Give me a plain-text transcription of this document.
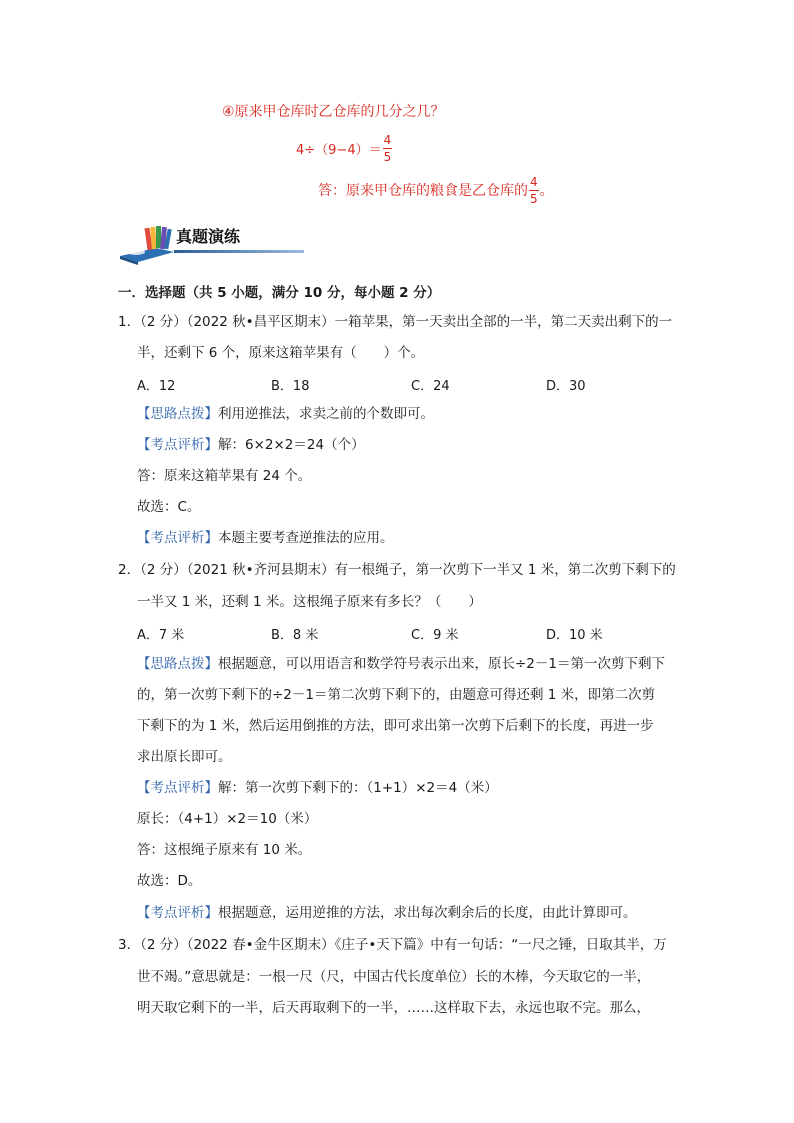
④原来甲仓库时乙仓库的几分之几？
$4\div(9-4)= \frac{4}{5}$
答：原来甲仓库的粮食是乙仓库的 $\frac{4}{5}$ 。
真题演练
一．选择题（共 5 小题，满分 10 分，每小题 2 分）
1．（2 分）（2022 秋•昌平区期末）一箱苹果，第一天卖出全部的一半，第二天卖出剩下的一
半，还剩下 6 个，原来这箱苹果有（　　）个。
A．12	B．18	C．24	D．30
【思路点拨】利用逆推法，求卖之前的个数即可。
【考点评析】解：6×2×2＝24（个）
答：原来这箱苹果有 24 个。
故选：C。
【考点评析】本题主要考查逆推法的应用。
2．（2 分）（2021 秋•齐河县期末）有一根绳子，第一次剪下一半又 1 米，第二次剪下剩下的
一半又 1 米，还剩 1 米。这根绳子原来有多长？（　　）
A．7 米	B．8 米	C．9 米	D．10 米
【思路点拨】根据题意，可以用语言和数学符号表示出来，原长÷2－1＝第一次剪下剩下
的，第一次剪下剩下的÷2－1＝第二次剪下剩下的，由题意可得还剩 1 米，即第二次剪
下剩下的为 1 米，然后运用倒推的方法，即可求出第一次剪下后剩下的长度，再进一步
求出原长即可。
【考点评析】解：第一次剪下剩下的：（1+1）×2＝4（米）
原长：（4+1）×2＝10（米）
答：这根绳子原来有 10 米。
故选：D。
【考点评析】根据题意，运用逆推的方法，求出每次剩余后的长度，由此计算即可。
3．（2 分）（2022 春•金牛区期末）《庄子•天下篇》中有一句话：“一尺之锤，日取其半，万
世不竭。”意思就是：一根一尺（尺，中国古代长度单位）长的木棒，今天取它的一半，
明天取它剩下的一半，后天再取剩下的一半，……这样取下去，永远也取不完。那么，
